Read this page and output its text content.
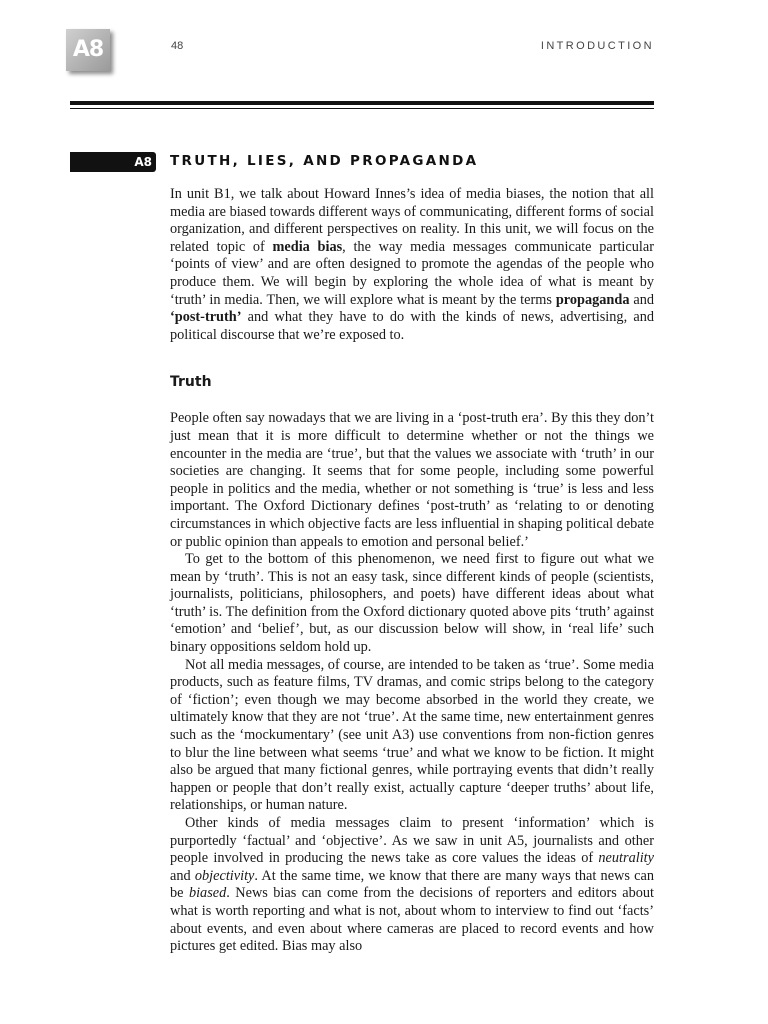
A8	48	INTRODUCTION
A8 TRUTH, LIES, AND PROPAGANDA

In unit B1, we talk about Howard Innes’s idea of media biases, the notion that all media are biased towards different ways of communicating, different forms of social organization, and different perspectives on reality. In this unit, we will focus on the related topic of media bias, the way media messages communicate particular ‘points of view’ and are often designed to promote the agendas of the people who produce them. We will begin by exploring the whole idea of what is meant by ‘truth’ in media. Then, we will explore what is meant by the terms propaganda and ‘post-truth’ and what they have to do with the kinds of news, advertising, and political discourse that we’re exposed to.

Truth

People often say nowadays that we are living in a ‘post-truth era’. By this they don’t just mean that it is more difficult to determine whether or not the things we encounter in the media are ‘true’, but that the values we associate with ‘truth’ in our societies are changing. It seems that for some people, including some powerful people in politics and the media, whether or not something is ‘true’ is less and less important. The Oxford Dictionary defines ‘post-truth’ as ‘relating to or denoting circumstances in which objective facts are less influential in shaping political debate or public opinion than appeals to emotion and personal belief.’

To get to the bottom of this phenomenon, we need first to figure out what we mean by ‘truth’. This is not an easy task, since different kinds of people (scientists, journalists, politicians, philosophers, and poets) have different ideas about what ‘truth’ is. The definition from the Oxford dictionary quoted above pits ‘truth’ against ‘emotion’ and ‘belief’, but, as our discussion below will show, in ‘real life’ such binary oppositions seldom hold up.

Not all media messages, of course, are intended to be taken as ‘true’. Some media products, such as feature films, TV dramas, and comic strips belong to the category of ‘fiction’; even though we may become absorbed in the world they create, we ultimately know that they are not ‘true’. At the same time, new entertainment genres such as the ‘mockumentary’ (see unit A3) use conventions from non-fiction genres to blur the line between what seems ‘true’ and what we know to be fiction. It might also be argued that many fictional genres, while portraying events that didn’t really happen or people that don’t really exist, actually capture ‘deeper truths’ about life, relationships, or human nature.

Other kinds of media messages claim to present ‘information’ which is purportedly ‘factual’ and ‘objective’. As we saw in unit A5, journalists and other people involved in producing the news take as core values the ideas of neutrality and objectivity. At the same time, we know that there are many ways that news can be biased. News bias can come from the decisions of reporters and editors about what is worth reporting and what is not, about whom to interview to find out ‘facts’ about events, and even about where cameras are placed to record events and how pictures get edited. Bias may also
